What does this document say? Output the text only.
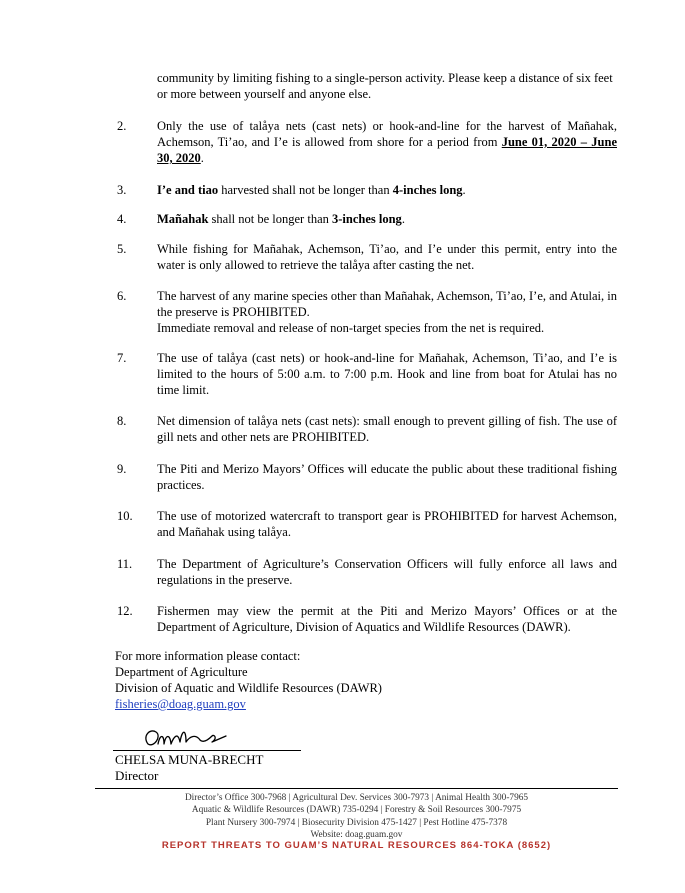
community by limiting fishing to a single-person activity. Please keep a distance of six feet or more between yourself and anyone else.
2.	Only the use of talåya nets (cast nets) or hook-and-line for the harvest of Mañahak, Achemson, Ti’ao, and I’e is allowed from shore for a period from June 01, 2020 – June 30, 2020.
3.	I’e and tiao harvested shall not be longer than 4-inches long.
4.	Mañahak shall not be longer than 3-inches long.
5.	While fishing for Mañahak, Achemson, Ti’ao, and I’e under this permit, entry into the water is only allowed to retrieve the talåya after casting the net.
6.	The harvest of any marine species other than Mañahak, Achemson, Ti’ao, I’e, and Atulai, in the preserve is PROHIBITED.

Immediate removal and release of non-target species from the net is required.

7.	The use of talåya (cast nets) or hook-and-line for Mañahak, Achemson, Ti’ao, and I’e is limited to the hours of 5:00 a.m. to 7:00 p.m. Hook and line from boat for Atulai has no time limit.
8.	Net dimension of talåya nets (cast nets): small enough to prevent gilling of fish. The use of gill nets and other nets are PROHIBITED.
9.	The Piti and Merizo Mayors’ Offices will educate the public about these traditional fishing practices.
10.	The use of motorized watercraft to transport gear is PROHIBITED for harvest Achemson, and Mañahak using talåya.
11.	The Department of Agriculture’s Conservation Officers will fully enforce all laws and regulations in the preserve.
12.	Fishermen may view the permit at the Piti and Merizo Mayors’ Offices or at the Department of Agriculture, Division of Aquatics and Wildlife Resources (DAWR).
For more information please contact:
Department of Agriculture
Division of Aquatic and Wildlife Resources (DAWR)
fisheries@doag.guam.gov
CHELSA MUNA-BRECHT
Director
Director’s Office 300-7968 | Agricultural Dev. Services 300-7973 | Animal Health 300-7965
Aquatic & Wildlife Resources (DAWR) 735-0294 | Forestry & Soil Resources 300-7975
Plant Nursery 300-7974 | Biosecurity Division 475-1427 | Pest Hotline 475-7378
Website: doag.guam.gov
REPORT THREATS TO GUAM’S NATURAL RESOURCES 864-TOKA (8652)
